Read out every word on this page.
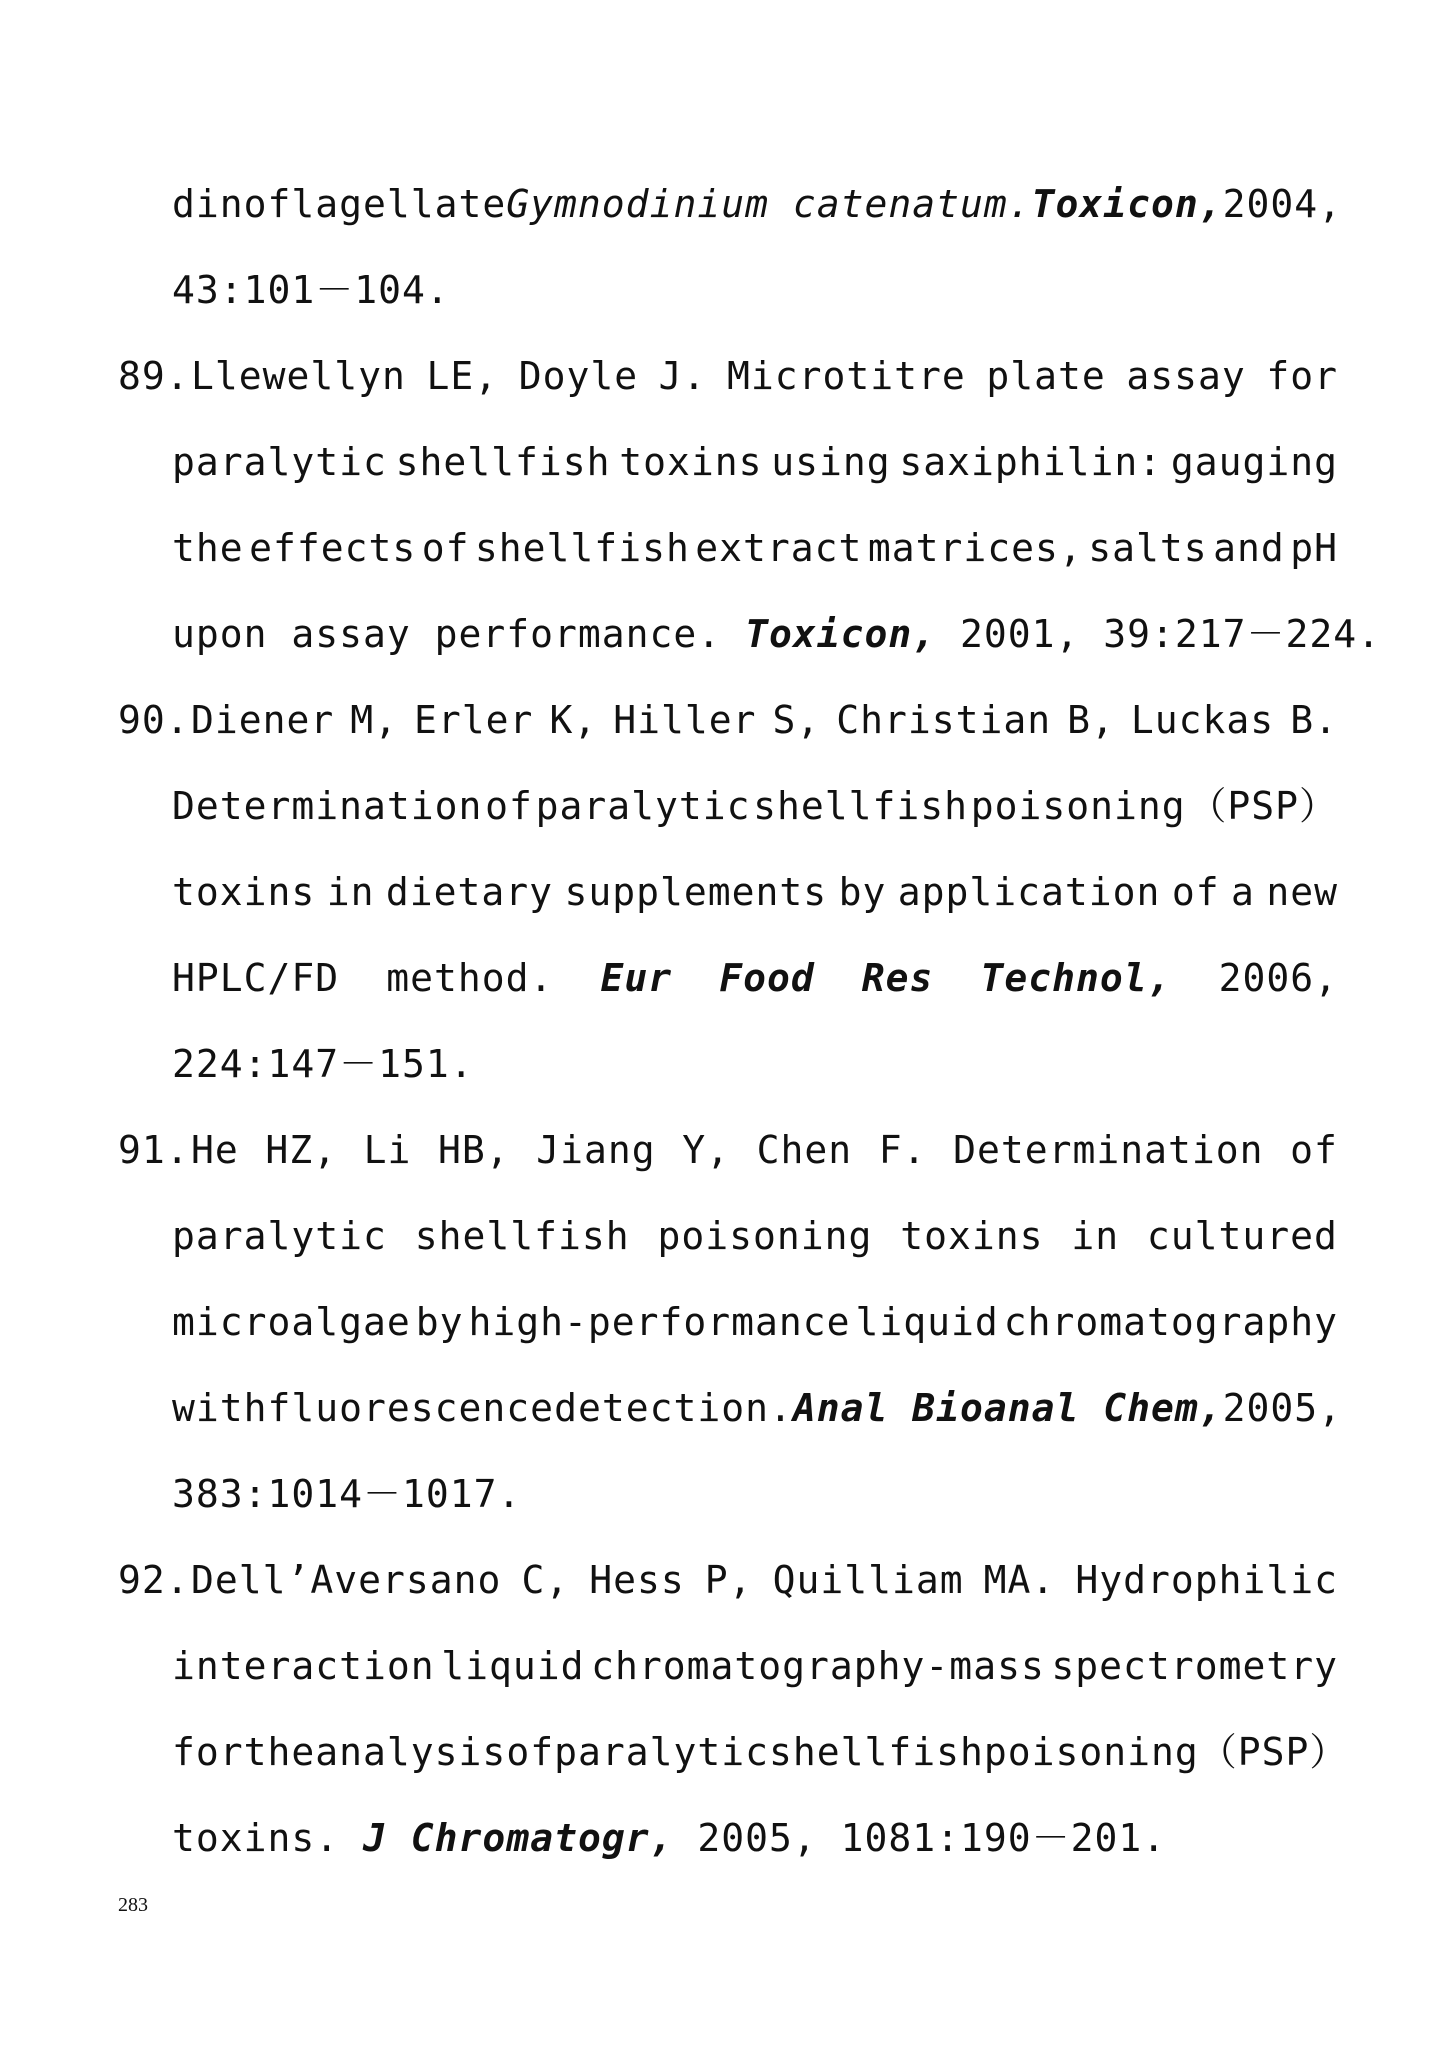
dinoflagellate Gymnodinium catenatum. Toxicon, 2004,
43:101－104.
89. Llewellyn LE, Doyle J. Microtitre plate assay for
paralytic shellfish toxins using saxiphilin: gauging
the effects of shellfish extract matrices, salts and pH
upon assay performance. Toxicon, 2001, 39:217－224.
90. Diener M, Erler K, Hiller S, Christian B, Luckas B.
Determination of paralytic shellfish poisoning （PSP）
toxins in dietary supplements by application of a new
HPLC/FD method. Eur Food Res Technol, 2006,
224:147－151.
91. He HZ, Li HB, Jiang Y, Chen F. Determination of
paralytic shellfish poisoning toxins in cultured
microalgae by high-performance liquid chromatography
with fluorescence detection. Anal Bioanal Chem, 2005,
383:1014－1017.
92. Dell’Aversano C, Hess P, Quilliam MA. Hydrophilic
interaction liquid chromatography-mass spectrometry
for the analysis of paralytic shellfish poisoning （PSP）
toxins. J Chromatogr, 2005, 1081:190－201.
283
